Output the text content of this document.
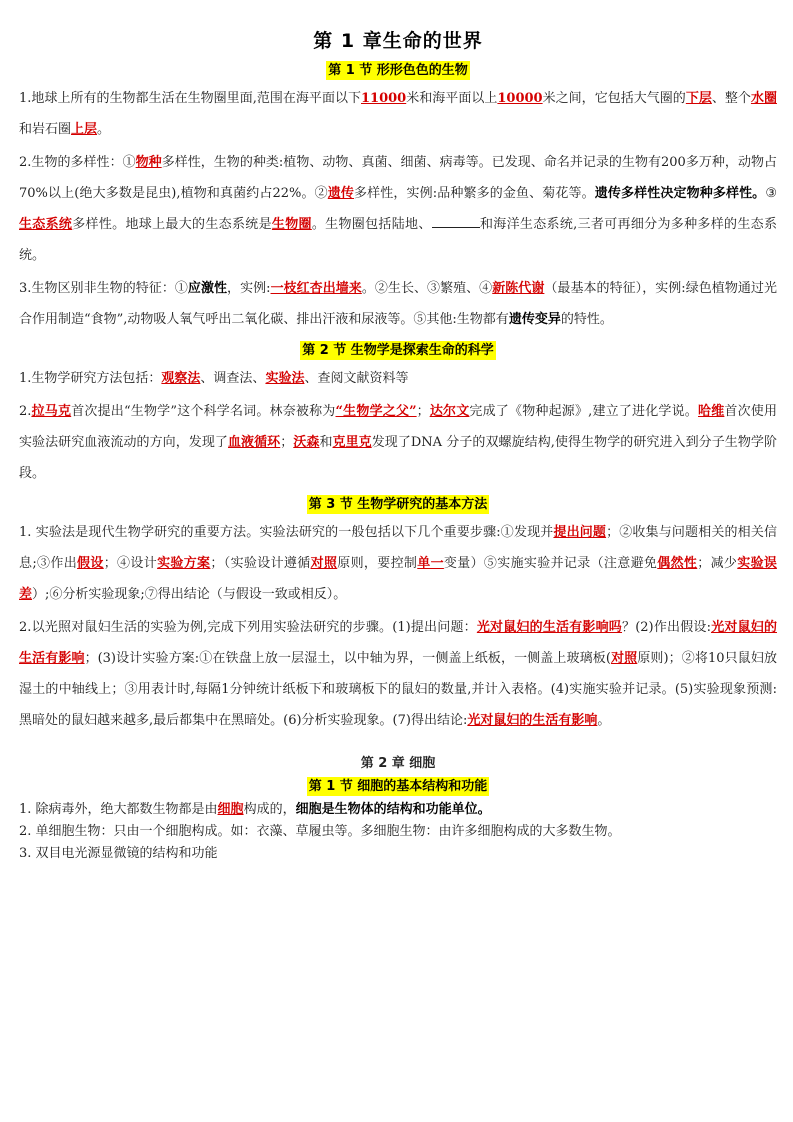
第 1 章生命的世界
第 1 节 形形色色的生物

1.地球上所有的生物都生活在生物圈里面,范围在海平面以下11000米和海平面以上10000米之间，它包括大气圈的下层、整个水圈和岩石圈上层。

2.生物的多样性：①物种多样性，生物的种类:植物、动物、真菌、细菌、病毒等。已发现、命名并记录的生物有200多万种，动物占70%以上(绝大多数是昆虫),植物和真菌约占22%。②遗传多样性，实例:品种繁多的金鱼、菊花等。遗传多样性决定物种多样性。③生态系统多样性。地球上最大的生态系统是生物圈。生物圈包括陆地、	和海洋生态系统,三者可再细分为多种多样的生态系统。

3.生物区别非生物的特征：①应激性，实例:一枝红杏出墙来。②生长、③繁殖、④新陈代谢（最基本的特征），实例:绿色植物通过光合作用制造“食物”,动物吸人氧气呼出二氧化碳、排出汗液和尿液等。⑤其他:生物都有遗传变异的特性。

第 2 节 生物学是探索生命的科学

1.生物学研究方法包括：观察法、调查法、实验法、查阅文献资料等

2.拉马克首次提出“生物学”这个科学名词。林奈被称为“生物学之父”；达尔文完成了《物种起源》,建立了进化学说。哈维首次使用实验法研究血液流动的方向，发现了血液循环；沃森和克里克发现了DNA 分子的双螺旋结构,使得生物学的研究进入到分子生物学阶段。

第 3 节 生物学研究的基本方法

1. 实验法是现代生物学研究的重要方法。实验法研究的一般包括以下几个重要步骤:①发现并提出问题；②收集与问题相关的相关信息;③作出假设；④设计实验方案；（实验设计遵循对照原则，要控制单一变量）⑤实施实验并记录（注意避免偶然性；减少实验误差）;⑥分析实验现象;⑦得出结论（与假设一致或相反）。

2.以光照对鼠妇生活的实验为例,完成下列用实验法研究的步骤。(1)提出问题：光对鼠妇的生活有影响吗？(2)作出假设:光对鼠妇的生活有影响；(3)设计实验方案:①在铁盘上放一层湿土，以中轴为界，一侧盖上纸板，一侧盖上玻璃板(对照原则)；②将10只鼠妇放湿土的中轴线上；③用表计时,每隔1分钟统计纸板下和玻璃板下的鼠妇的数量,并计入表格。(4)实施实验并记录。(5)实验现象预测:黑暗处的鼠妇越来越多,最后都集中在黑暗处。(6)分析实验现象。(7)得出结论:光对鼠妇的生活有影响。

第 2 章 细胞
第 1 节 细胞的基本结构和功能

1. 除病毒外，绝大都数生物都是由细胞构成的，细胞是生物体的结构和功能单位。

2. 单细胞生物：只由一个细胞构成。如：衣藻、草履虫等。多细胞生物：由许多细胞构成的大多数生物。

3. 双目电光源显微镜的结构和功能
